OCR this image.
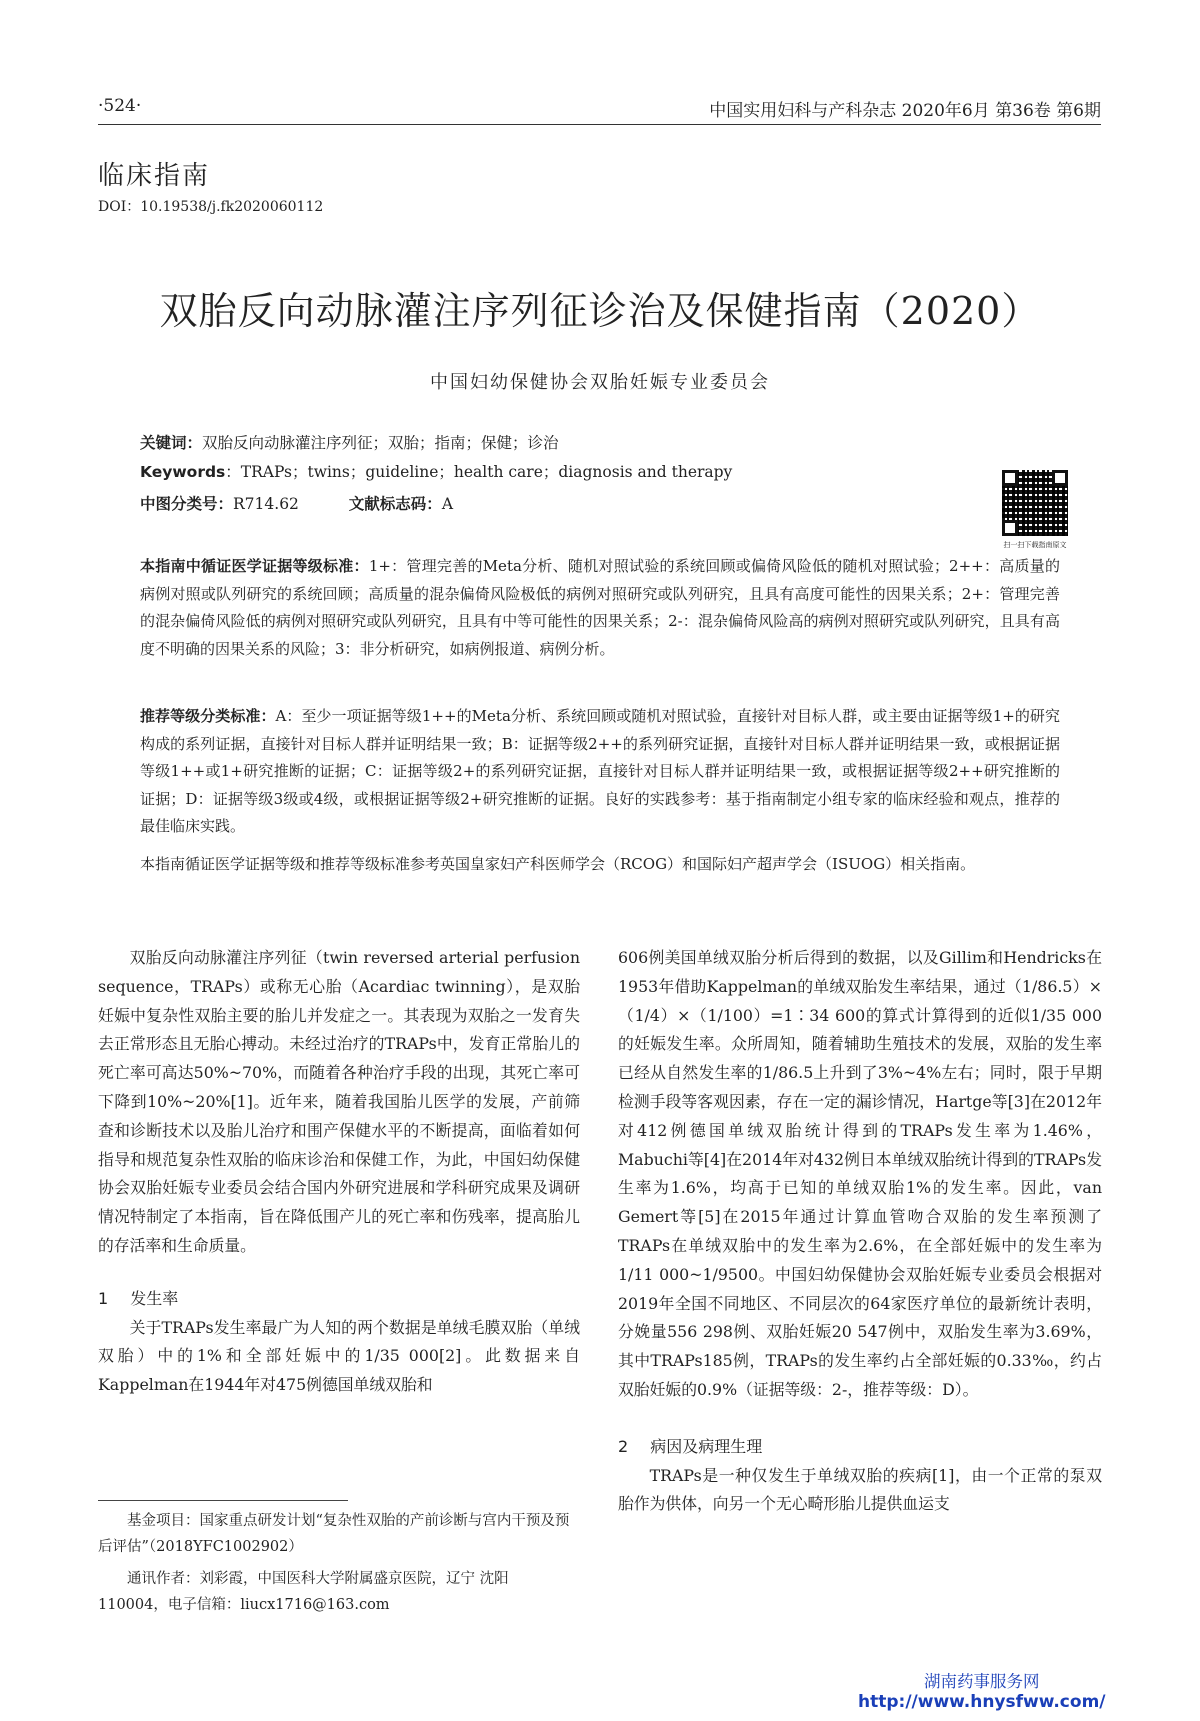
·524·	中国实用妇科与产科杂志 2020年6月 第36卷 第6期
临床指南
DOI：10.19538/j.fk2020060112
双胎反向动脉灌注序列征诊治及保健指南（2020）
中国妇幼保健协会双胎妊娠专业委员会
关键词：双胎反向动脉灌注序列征；双胎；指南；保健；诊治
Keywords：TRAPs；twins；guideline；health care；diagnosis and therapy
中图分类号：R714.62	文献标志码：A
扫一扫下载指南原文
本指南中循证医学证据等级标准：1+：管理完善的Meta分析、随机对照试验的系统回顾或偏倚风险低的随机对照试验；2++：高质量的病例对照或队列研究的系统回顾；高质量的混杂偏倚风险极低的病例对照研究或队列研究，且具有高度可能性的因果关系；2+：管理完善的混杂偏倚风险低的病例对照研究或队列研究，且具有中等可能性的因果关系；2-：混杂偏倚风险高的病例对照研究或队列研究，且具有高度不明确的因果关系的风险；3：非分析研究，如病例报道、病例分析。
推荐等级分类标准：A：至少一项证据等级1++的Meta分析、系统回顾或随机对照试验，直接针对目标人群，或主要由证据等级1+的研究构成的系列证据，直接针对目标人群并证明结果一致；B：证据等级2++的系列研究证据，直接针对目标人群并证明结果一致，或根据证据等级1++或1+研究推断的证据；C：证据等级2+的系列研究证据，直接针对目标人群并证明结果一致，或根据证据等级2++研究推断的证据；D：证据等级3级或4级，或根据证据等级2+研究推断的证据。良好的实践参考：基于指南制定小组专家的临床经验和观点，推荐的最佳临床实践。
本指南循证医学证据等级和推荐等级标准参考英国皇家妇产科医师学会（RCOG）和国际妇产超声学会（ISUOG）相关指南。
双胎反向动脉灌注序列征（twin reversed arterial perfusion sequence，TRAPs）或称无心胎（Acardiac twinning），是双胎妊娠中复杂性双胎主要的胎儿并发症之一。其表现为双胎之一发育失去正常形态且无胎心搏动。未经过治疗的TRAPs中，发育正常胎儿的死亡率可高达50%~70%，而随着各种治疗手段的出现，其死亡率可下降到10%~20%[1]。近年来，随着我国胎儿医学的发展，产前筛查和诊断技术以及胎儿治疗和围产保健水平的不断提高，面临着如何指导和规范复杂性双胎的临床诊治和保健工作，为此，中国妇幼保健协会双胎妊娠专业委员会结合国内外研究进展和学科研究成果及调研情况特制定了本指南，旨在降低围产儿的死亡率和伤残率，提高胎儿的存活率和生命质量。
1 发生率
关于TRAPs发生率最广为人知的两个数据是单绒毛膜双胎（单绒双胎）中的1%和全部妊娠中的1/35 000[2]。此数据来自Kappelman在1944年对475例德国单绒双胎和
606例美国单绒双胎分析后得到的数据，以及Gillim和Hendricks在1953年借助Kappelman的单绒双胎发生率结果，通过（1/86.5）×（1/4）×（1/100）=1∶34 600的算式计算得到的近似1/35 000的妊娠发生率。众所周知，随着辅助生殖技术的发展，双胎的发生率已经从自然发生率的1/86.5上升到了3%~4%左右；同时，限于早期检测手段等客观因素，存在一定的漏诊情况，Hartge等[3]在2012年对412例德国单绒双胎统计得到的TRAPs发生率为1.46%，Mabuchi等[4]在2014年对432例日本单绒双胎统计得到的TRAPs发生率为1.6%，均高于已知的单绒双胎1%的发生率。因此，van Gemert等[5]在2015年通过计算血管吻合双胎的发生率预测了TRAPs在单绒双胎中的发生率为2.6%，在全部妊娠中的发生率为1/11 000~1/9500。中国妇幼保健协会双胎妊娠专业委员会根据对2019年全国不同地区、不同层次的64家医疗单位的最新统计表明，分娩量556 298例、双胎妊娠20 547例中，双胎发生率为3.69%，其中TRAPs185例，TRAPs的发生率约占全部妊娠的0.33‰，约占双胎妊娠的0.9%（证据等级：2-，推荐等级：D）。
2 病因及病理生理
TRAPs是一种仅发生于单绒双胎的疾病[1]，由一个正常的泵双胎作为供体，向另一个无心畸形胎儿提供血运支
基金项目：国家重点研发计划“复杂性双胎的产前诊断与宫内干预及预后评估”（2018YFC1002902）
通讯作者：刘彩霞，中国医科大学附属盛京医院，辽宁 沈阳 110004，电子信箱：liucx1716@163.com
湖南药事服务网
http://www.hnysfww.com/
